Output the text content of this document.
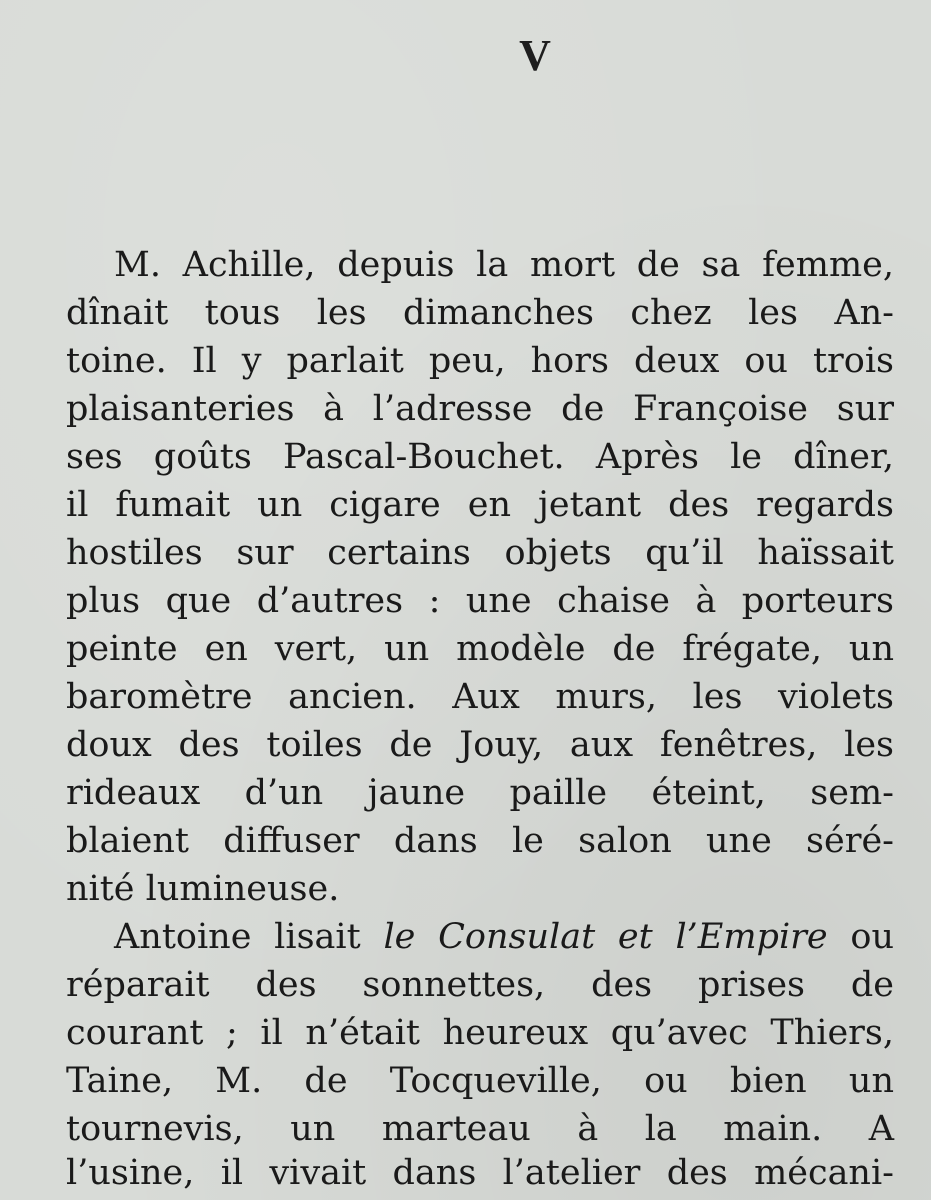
V
M. Achille, depuis la mort de sa femme,
dînait tous les dimanches chez les An-
toine. Il y parlait peu, hors deux ou trois
plaisanteries à l’adresse de Françoise sur
ses goûts Pascal-Bouchet. Après le dîner,
il fumait un cigare en jetant des regards
hostiles sur certains objets qu’il haïssait
plus que d’autres : une chaise à porteurs
peinte en vert, un modèle de frégate, un
baromètre ancien. Aux murs, les violets
doux des toiles de Jouy, aux fenêtres, les
rideaux d’un jaune paille éteint, sem-
blaient diffuser dans le salon une séré-
nité lumineuse.
Antoine lisait le Consulat et l’Empire ou
réparait des sonnettes, des prises de
courant ; il n’était heureux qu’avec Thiers,
Taine, M. de Tocqueville, ou bien un
tournevis, un marteau à la main. A
l’usine, il vivait dans l’atelier des mécani-
